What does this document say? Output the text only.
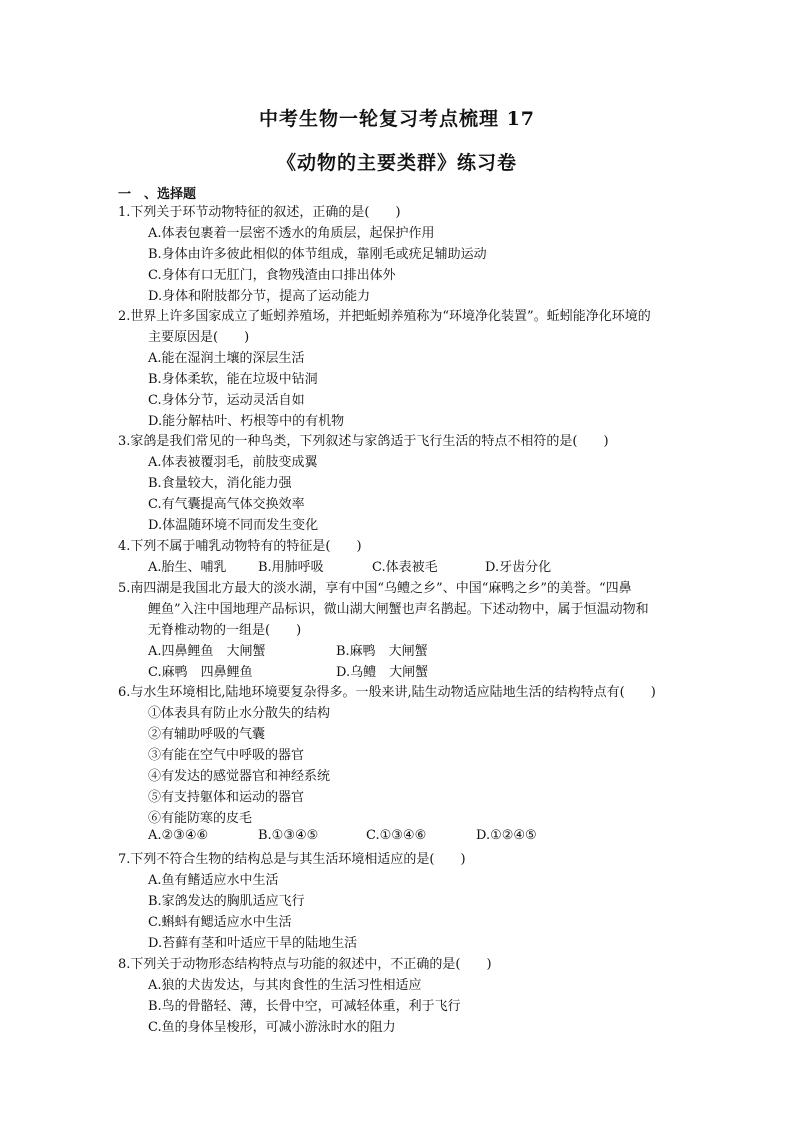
中考生物一轮复习考点梳理 17
《动物的主要类群》练习卷
一　、选择题
1.下列关于环节动物特征的叙述，正确的是(　　)
A.体表包裹着一层密不透水的角质层，起保护作用
B.身体由许多彼此相似的体节组成，靠刚毛或疣足辅助运动
C.身体有口无肛门，食物残渣由口排出体外
D.身体和附肢都分节，提高了运动能力
2.世界上许多国家成立了蚯蚓养殖场，并把蚯蚓养殖称为“环境净化装置”。蚯蚓能净化环境的
主要原因是(　　)
A.能在湿润土壤的深层生活
B.身体柔软，能在垃圾中钻洞
C.身体分节，运动灵活自如
D.能分解枯叶、朽根等中的有机物
3.家鸽是我们常见的一种鸟类，下列叙述与家鸽适于飞行生活的特点不相符的是(　　)
A.体表被覆羽毛，前肢变成翼
B.食量较大，消化能力强
C.有气囊提高气体交换效率
D.体温随环境不同而发生变化
4.下列不属于哺乳动物特有的特征是(　　)
A.胎生、哺乳 B.用肺呼吸	C.体表被毛	D.牙齿分化
5.南四湖是我国北方最大的淡水湖，享有中国“乌鳢之乡”、中国“麻鸭之乡”的美誉。“四鼻
鲤鱼”入注中国地理产品标识，微山湖大闸蟹也声名鹊起。下述动物中，属于恒温动物和
无脊椎动物的一组是(　　)
A.四鼻鲤鱼　大闸蟹	B.麻鸭　大闸蟹
C.麻鸭　四鼻鲤鱼	D.乌鳢　大闸蟹
6.与水生环境相比,陆地环境要复杂得多。一般来讲,陆生动物适应陆地生活的结构特点有(　　)
①体表具有防止水分散失的结构
②有辅助呼吸的气囊
③有能在空气中呼吸的器官
④有发达的感觉器官和神经系统
⑤有支持躯体和运动的器官
⑥有能防寒的皮毛
A.②③④⑥	B.①③④⑤	C.①③④⑥	D.①②④⑤
7.下列不符合生物的结构总是与其生活环境相适应的是(　　)
A.鱼有鳍适应水中生活
B.家鸽发达的胸肌适应飞行
C.蝌蚪有鳃适应水中生活
D.苔藓有茎和叶适应干旱的陆地生活
8.下列关于动物形态结构特点与功能的叙述中，不正确的是(　　)
A.狼的犬齿发达，与其肉食性的生活习性相适应
B.鸟的骨骼轻、薄，长骨中空，可减轻体重，利于飞行
C.鱼的身体呈梭形，可减小游泳时水的阻力
